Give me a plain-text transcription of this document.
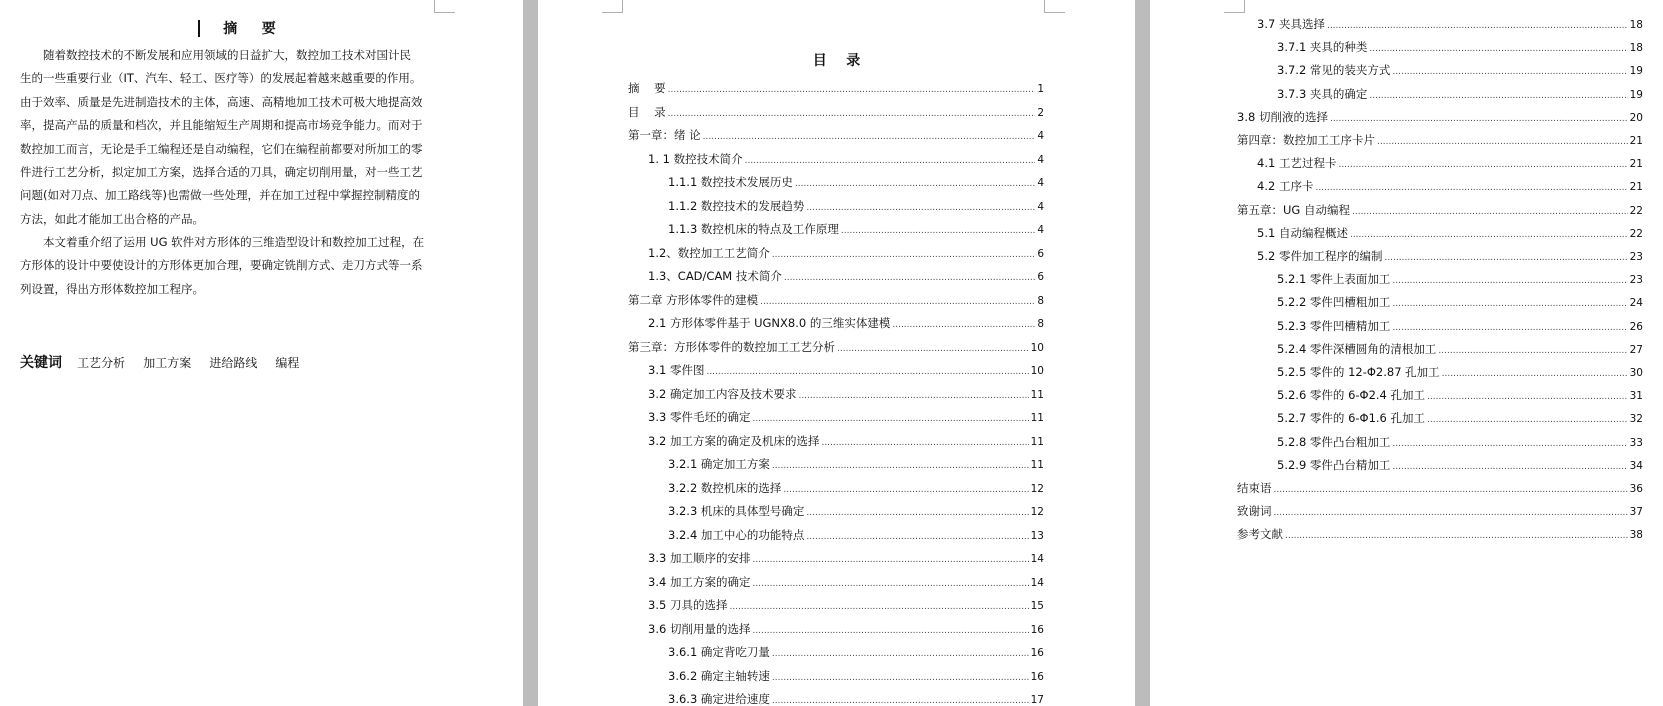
摘    要
随着数控技术的不断发展和应用领域的日益扩大，数控加工技术对国计民
生的一些重要行业（IT、汽车、轻工、医疗等）的发展起着越来越重要的作用。
由于效率、质量是先进制造技术的主体，高速、高精地加工技术可极大地提高效
率，提高产品的质量和档次，并且能缩短生产周期和提高市场竞争能力。而对于
数控加工而言，无论是手工编程还是自动编程，它们在编程前都要对所加工的零
件进行工艺分析，拟定加工方案，选择合适的刀具，确定切削用量，对一些工艺
问题(如对刀点、加工路线等)也需做一些处理，并在加工过程中掌握控制精度的
方法，如此才能加工出合格的产品。
本文着重介绍了运用 UG 软件对方形体的三维造型设计和数控加工过程，在
方形体的设计中要使设计的方形体更加合理，要确定铣削方式、走刀方式等一系
列设置，得出方形体数控加工程序。
关键词 工艺分析 加工方案 进给路线 编程
目    录
摘    要 .....	1
目    录 .....	2
第一章：绪 论 .....	4
1. 1 数控技术简介 .....	4
1.1.1 数控技术发展历史 .....	4
1.1.2 数控技术的发展趋势 .....	4
1.1.3 数控机床的特点及工作原理 .....	4
1.2、数控加工工艺简介 .....	6
1.3、CAD/CAM 技术简介 .....	6
第二章 方形体零件的建模 .....	8
2.1 方形体零件基于 UGNX8.0 的三维实体建模 .....	8
第三章：方形体零件的数控加工工艺分析 .....	10
3.1 零件图 .....	10
3.2 确定加工内容及技术要求 .....	11
3.3 零件毛坯的确定 .....	11
3.2 加工方案的确定及机床的选择 .....	11
3.2.1 确定加工方案 .....	11
3.2.2 数控机床的选择 .....	12
3.2.3 机床的具体型号确定 .....	12
3.2.4 加工中心的功能特点 .....	13
3.3 加工顺序的安排 .....	14
3.4 加工方案的确定 .....	14
3.5 刀具的选择 .....	15
3.6 切削用量的选择 .....	16
3.6.1 确定背吃刀量 .....	16
3.6.2 确定主轴转速 .....	16
3.6.3 确定进给速度 .....	17
3.7 夹具选择 .....	18
3.7.1 夹具的种类 .....	18
3.7.2 常见的装夹方式 .....	19
3.7.3 夹具的确定 .....	19
3.8 切削液的选择 .....	20
第四章：数控加工工序卡片 .....	21
4.1 工艺过程卡 .....	21
4.2 工序卡 .....	21
第五章：UG 自动编程 .....	22
5.1 自动编程概述 .....	22
5.2 零件加工程序的编制 .....	23
5.2.1 零件上表面加工 .....	23
5.2.2 零件凹槽粗加工 .....	24
5.2.3 零件凹槽精加工 .....	26
5.2.4 零件深槽圆角的清根加工 .....	27
5.2.5 零件的 12-Φ2.87 孔加工 .....	30
5.2.6 零件的 6-Φ2.4 孔加工 .....	31
5.2.7 零件的 6-Φ1.6 孔加工 .....	32
5.2.8 零件凸台粗加工 .....	33
5.2.9 零件凸台精加工 .....	34
结束语 .....	36
致谢词 .....	37
参考文献 .....	38
